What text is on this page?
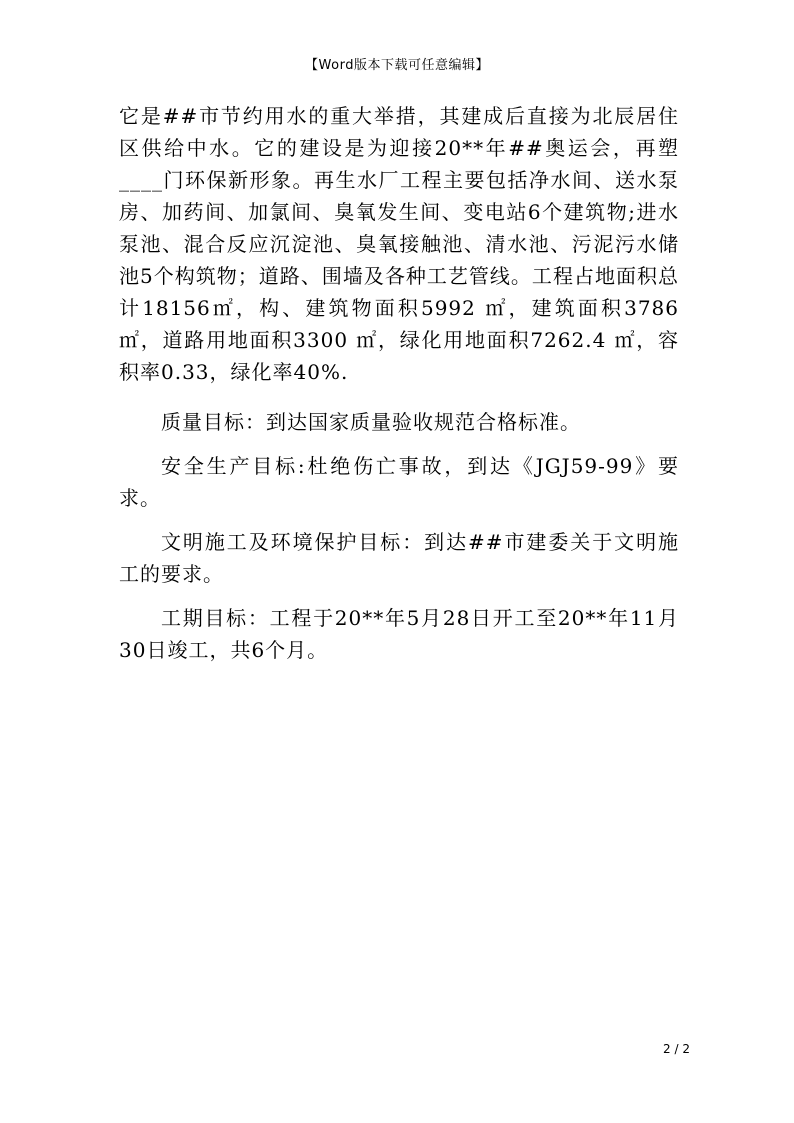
【Word版本下载可任意编辑】

它是##市节约用水的重大举措，其建成后直接为北辰居住区供给中水。它的建设是为迎接20**年##奥运会，再塑____门环保新形象。再生水厂工程主要包括净水间、送水泵房、加药间、加氯间、臭氧发生间、变电站6个建筑物;进水泵池、混合反应沉淀池、臭氧接触池、清水池、污泥污水储池5个构筑物；道路、围墙及各种工艺管线。工程占地面积总计18156㎡，构、建筑物面积5992 ㎡，建筑面积3786 ㎡，道路用地面积3300 ㎡，绿化用地面积7262.4 ㎡，容积率0.33，绿化率40%.

质量目标：到达国家质量验收规范合格标准。

安全生产目标:杜绝伤亡事故，到达《JGJ59-99》要求。

文明施工及环境保护目标：到达##市建委关于文明施工的要求。

工期目标：工程于20**年5月28日开工至20**年11月30日竣工，共6个月。

2 / 2
